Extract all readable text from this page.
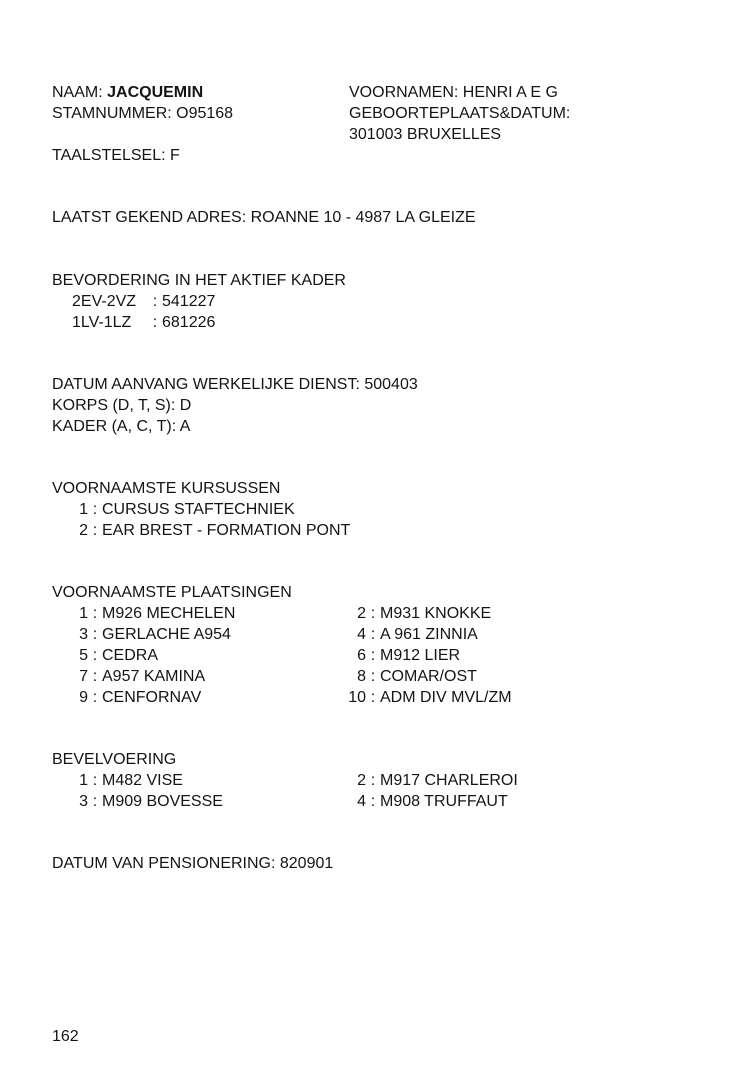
NAAM: JACQUEMIN
STAMNUMMER: O95168
TAALSTELSEL: F
VOORNAMEN: HENRI A E G
GEBOORTEPLAATS&DATUM:
301003 BRUXELLES
LAATST GEKEND ADRES: ROANNE 10 - 4987 LA GLEIZE
BEVORDERING IN HET AKTIEF KADER
2EV-2VZ : 541227
1LV-1LZ : 681226
DATUM AANVANG WERKELIJKE DIENST: 500403
KORPS (D, T, S): D
KADER (A, C, T): A
VOORNAAMSTE KURSUSSEN
1 : CURSUS STAFTECHNIEK
2 : EAR BREST - FORMATION PONT
VOORNAAMSTE PLAATSINGEN
1 : M926 MECHELEN
3 : GERLACHE A954
5 : CEDRA
7 : A957 KAMINA
9 : CENFORNAV
2 : M931 KNOKKE
4 : A 961 ZINNIA
6 : M912 LIER
8 : COMAR/OST
10 : ADM DIV MVL/ZM
BEVELVOERING
1 : M482 VISE
3 : M909 BOVESSE
2 : M917 CHARLEROI
4 : M908 TRUFFAUT
DATUM VAN PENSIONERING: 820901
162
